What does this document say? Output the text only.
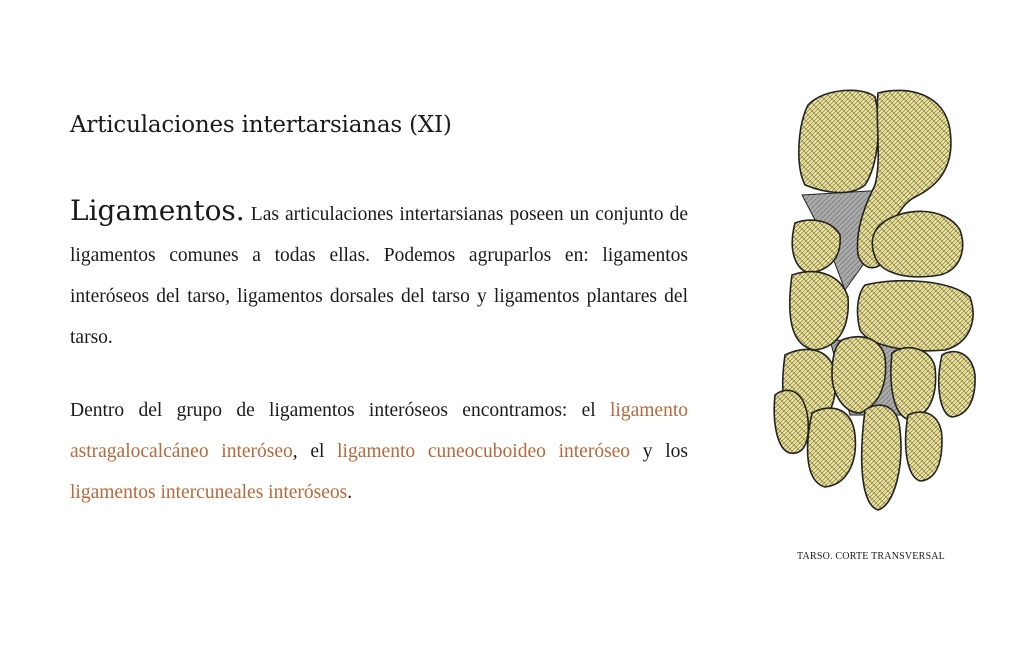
Articulaciones intertarsianas (XI)

Ligamentos. Las articulaciones intertarsianas poseen un conjunto de ligamentos comunes a todas ellas. Podemos agruparlos en: ligamentos interóseos del tarso, ligamentos dorsales del tarso y ligamentos plantares del tarso.

Dentro del grupo de ligamentos interóseos encontramos: el ligamento astragalocalcáneo interóseo, el ligamento cuneocuboideo interóseo y los ligamentos intercuneales interóseos.

TARSO. CORTE TRANSVERSAL
